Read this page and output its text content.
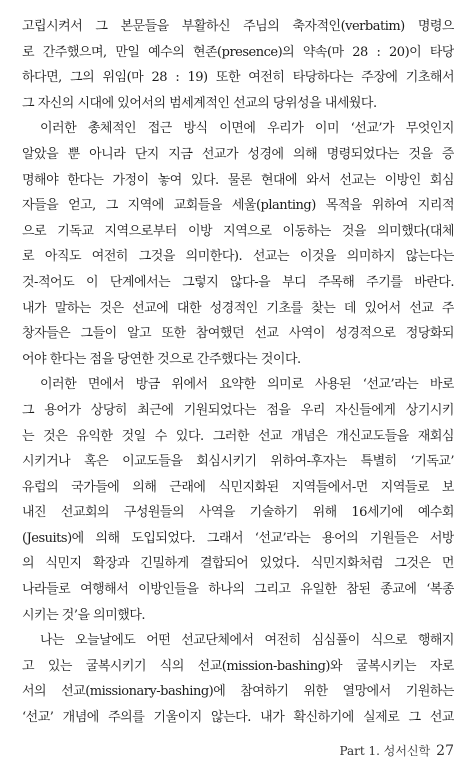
고립시켜서 그 본문들을 부활하신 주님의 축자적인(verbatim) 명령으
로 간주했으며, 만일 예수의 현존(presence)의 약속(마 28 : 20)이 타당
하다면, 그의 위임(마 28 : 19) 또한 여전히 타당하다는 주장에 기초해서
그 자신의 시대에 있어서의 범세계적인 선교의 당위성을 내세웠다.
이러한 총체적인 접근 방식 이면에 우리가 이미 ‘선교’가 무엇인지
알았을 뿐 아니라 단지 지금 선교가 성경에 의해 명령되었다는 것을 증
명해야 한다는 가정이 놓여 있다. 물론 현대에 와서 선교는 이방인 회심
자들을 얻고, 그 지역에 교회들을 세울(planting) 목적을 위하여 지리적
으로 기독교 지역으로부터 이방 지역으로 이동하는 것을 의미했다(대체
로 아직도 여전히 그것을 의미한다). 선교는 이것을 의미하지 않는다는
것-적어도 이 단계에서는 그렇지 않다-을 부디 주목해 주기를 바란다.
내가 말하는 것은 선교에 대한 성경적인 기초를 찾는 데 있어서 선교 주
창자들은 그들이 알고 또한 참여했던 선교 사역이 성경적으로 정당화되
어야 한다는 점을 당연한 것으로 간주했다는 것이다.
이러한 면에서 방금 위에서 요약한 의미로 사용된 ‘선교’라는 바로
그 용어가 상당히 최근에 기원되었다는 점을 우리 자신들에게 상기시키
는 것은 유익한 것일 수 있다. 그러한 선교 개념은 개신교도들을 재회심
시키거나 혹은 이교도들을 회심시키기 위하여-후자는 특별히 ‘기독교’
유럽의 국가들에 의해 근래에 식민지화된 지역들에서-먼 지역들로 보
내진 선교회의 구성원들의 사역을 기술하기 위해 16세기에 예수회
(Jesuits)에 의해 도입되었다. 그래서 ‘선교’라는 용어의 기원들은 서방
의 식민지 확장과 긴밀하게 결합되어 있었다. 식민지화처럼 그것은 먼
나라들로 여행해서 이방인들을 하나의 그리고 유일한 참된 종교에 ‘복종
시키는 것’을 의미했다.
나는 오늘날에도 어떤 선교단체에서 여전히 심심풀이 식으로 행해지
고 있는 굴복시키기 식의 선교(mission-bashing)와 굴복시키는 자로
서의 선교(missionary-bashing)에 참여하기 위한 열망에서 기원하는
‘선교’ 개념에 주의를 기울이지 않는다. 내가 확신하기에 실제로 그 선교
Part 1. 성서신학 27
